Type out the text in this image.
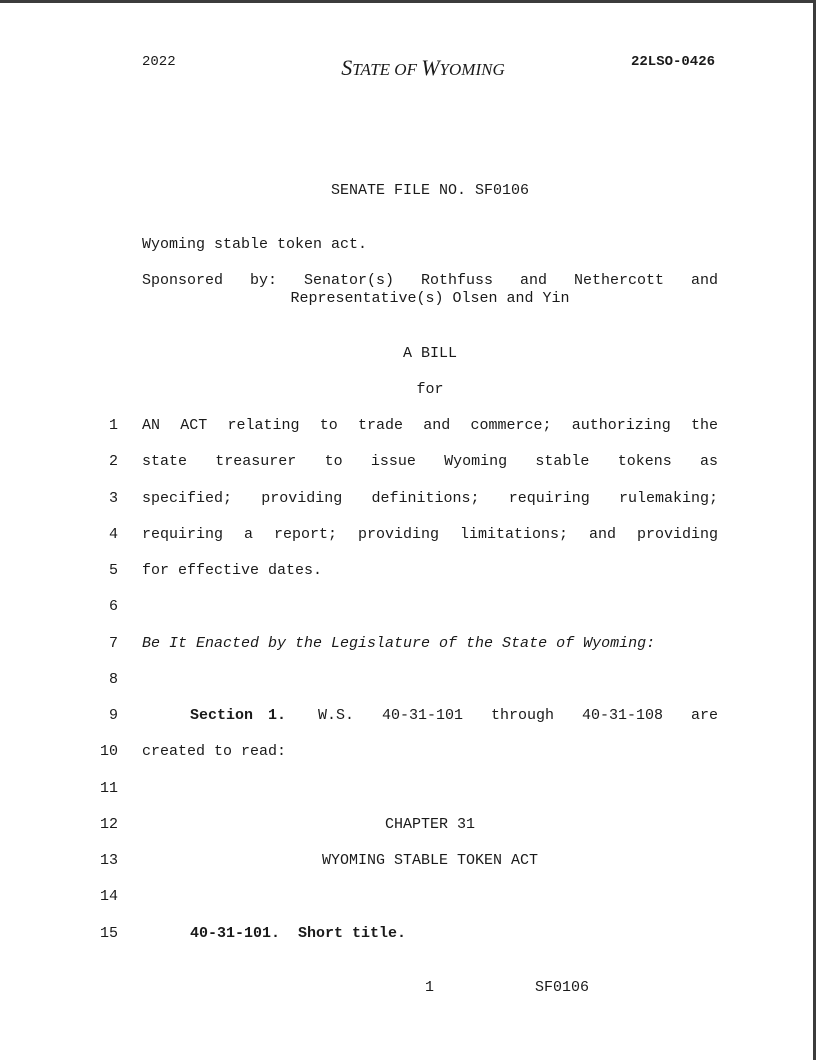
2022	STATE OF WYOMING	22LSO-0426
SENATE FILE NO. SF0106
Wyoming stable token act.
Sponsored by: Senator(s) Rothfuss and Nethercott and
Representative(s) Olsen and Yin
A BILL
for
1 AN ACT relating to trade and commerce; authorizing the
2 state treasurer to issue Wyoming stable tokens as
3 specified; providing definitions; requiring rulemaking;
4 requiring a report; providing limitations; and providing
5 for effective dates.
6
7 Be It Enacted by the Legislature of the State of Wyoming:
8
9	Section 1. W.S. 40-31-101 through 40-31-108 are
10 created to read:
11
12	CHAPTER 31
13	WYOMING STABLE TOKEN ACT
14
15	40-31-101.  Short title.
1	SF0106
